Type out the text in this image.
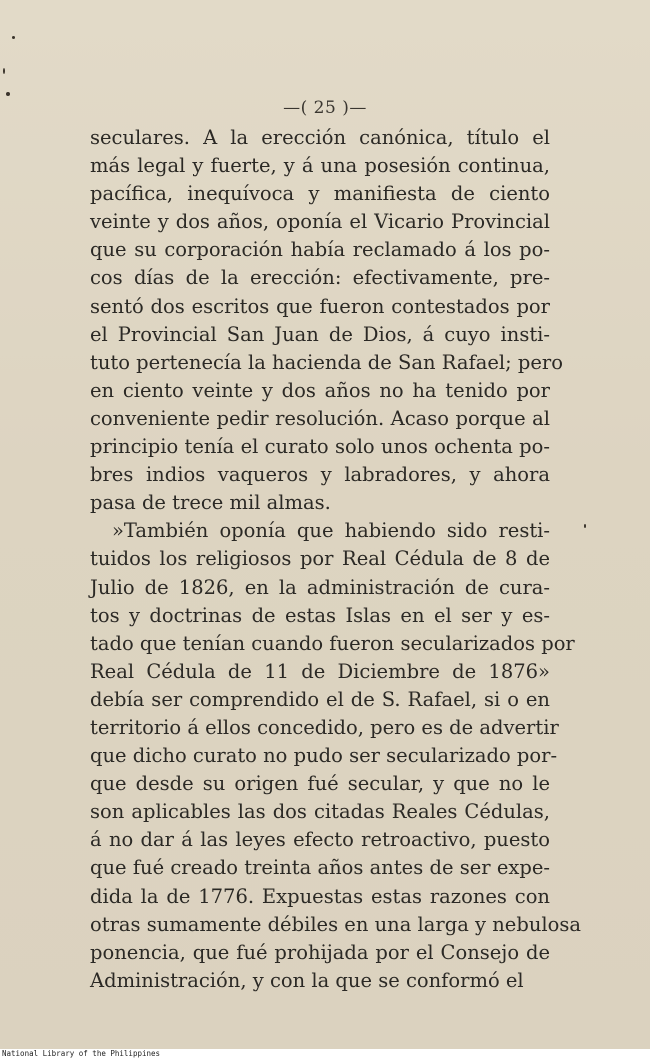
—( 25 )—
seculares. A la erección canónica, título el
más legal y fuerte, y á una posesión continua,
pacífica, inequívoca y manifiesta de ciento
veinte y dos años, oponía el Vicario Provincial
que su corporación había reclamado á los po-
cos días de la erección: efectivamente, pre-
sentó dos escritos que fueron contestados por
el Provincial San Juan de Dios, á cuyo insti-
tuto pertenecía la hacienda de San Rafael; pero
en ciento veinte y dos años no ha tenido por
conveniente pedir resolución. Acaso porque al
principio tenía el curato solo unos ochenta po-
bres indios vaqueros y labradores, y ahora
pasa de trece mil almas.
»También oponía que habiendo sido resti-
tuidos los religiosos por Real Cédula de 8 de
Julio de 1826, en la administración de cura-
tos y doctrinas de estas Islas en el ser y es-
tado que tenían cuando fueron secularizados por
Real Cédula de 11 de Diciembre de 1876»
debía ser comprendido el de S. Rafael, si o en
territorio á ellos concedido, pero es de advertir
que dicho curato no pudo ser secularizado por-
que desde su origen fué secular, y que no le
son aplicables las dos citadas Reales Cédulas,
á no dar á las leyes efecto retroactivo, puesto
que fué creado treinta años antes de ser expe-
dida la de 1776. Expuestas estas razones con
otras sumamente débiles en una larga y nebulosa
ponencia, que fué prohijada por el Consejo de
Administración, y con la que se conformó el
National Library of the Philippines
